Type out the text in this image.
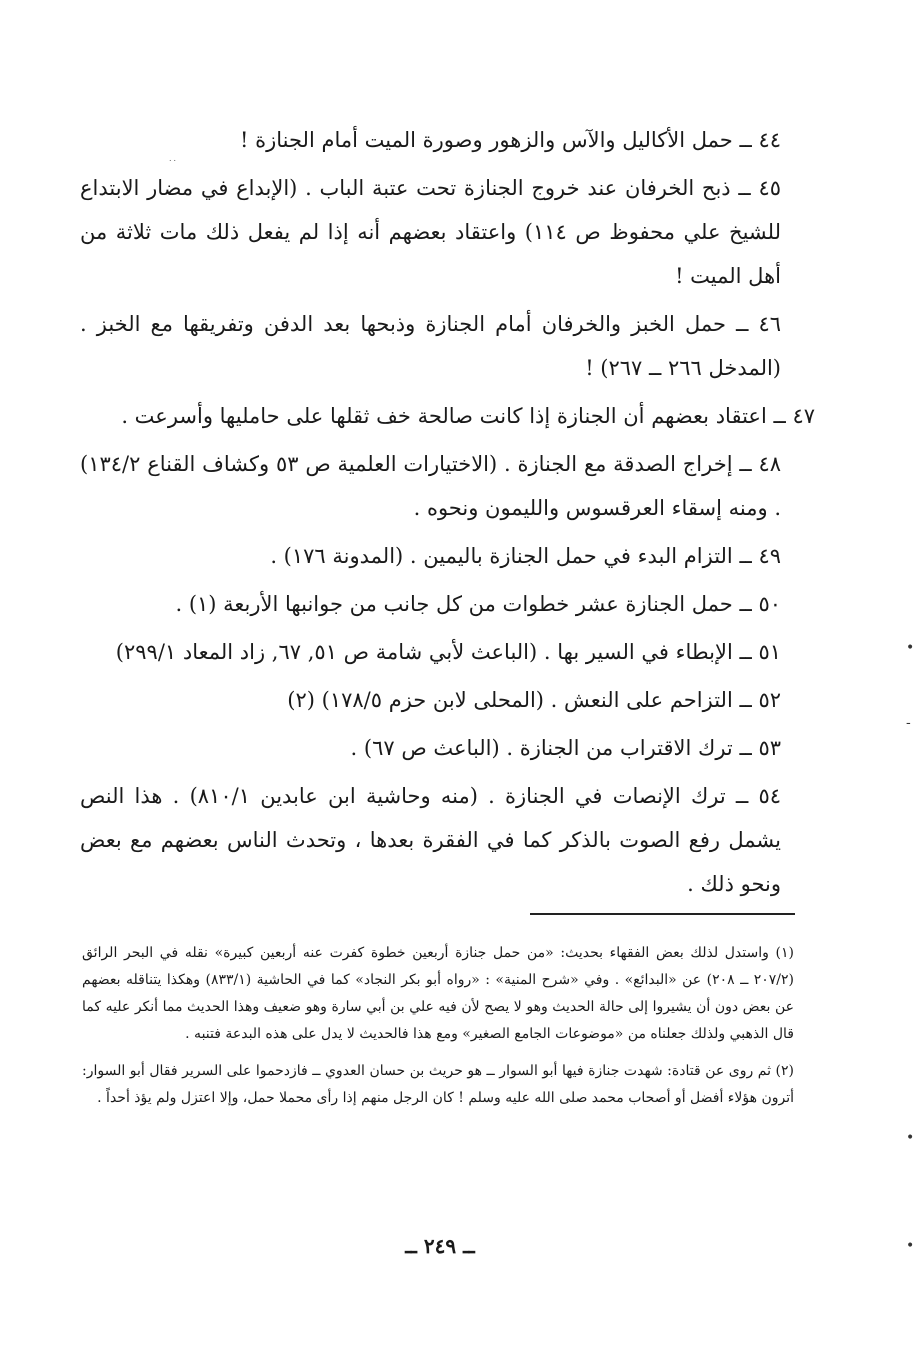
˙˙

٤٤ ــ حمل الأكاليل والآس والزهور وصورة الميت أمام الجنازة !

٤٥ ــ ذبح الخرفان عند خروج الجنازة تحت عتبة الباب . (الإبداع في مضار الابتداع للشيخ علي محفوظ ص ١١٤) واعتقاد بعضهم أنه إذا لم يفعل ذلك مات ثلاثة من أهل الميت !

٤٦ ــ حمل الخبز والخرفان أمام الجنازة وذبحها بعد الدفن وتفريقها مع الخبز . (المدخل ٢٦٦ ــ ٢٦٧) !

٤٧ ــ اعتقاد بعضهم أن الجنازة إذا كانت صالحة خف ثقلها على حامليها وأسرعت .

٤٨ ــ إخراج الصدقة مع الجنازة . (الاختيارات العلمية ص ٥٣ وكشاف القناع ١٣٤/٢) . ومنه إسقاء العرقسوس والليمون ونحوه .

٤٩ ــ التزام البدء في حمل الجنازة باليمين . (المدونة ١٧٦) .

٥٠ ــ حمل الجنازة عشر خطوات من كل جانب من جوانبها الأربعة (١) .

٥١ ــ الإبطاء في السير بها . (الباعث لأبي شامة ص ٥١, ٦٧, زاد المعاد ٢٩٩/١)

٥٢ ــ التزاحم على النعش . (المحلى لابن حزم ١٧٨/٥) (٢)

٥٣ ــ ترك الاقتراب من الجنازة . (الباعث ص ٦٧) .

٥٤ ــ ترك الإنصات في الجنازة . (منه وحاشية ابن عابدين ٨١٠/١) . هذا النص يشمل رفع الصوت بالذكر كما في الفقرة بعدها ، وتحدث الناس بعضهم مع بعض ونحو ذلك .

(١) واستدل لذلك بعض الفقهاء بحديث: «من حمل جنازة أربعين خطوة كفرت عنه أربعين كبيرة» نقله في البحر الرائق (٢٠٧/٢ ــ ٢٠٨) عن «البدائع» . وفي «شرح المنية» : «رواه أبو بكر النجاد» كما في الحاشية (٨٣٣/١) وهكذا يتناقله بعضهم عن بعض دون أن يشيروا إلى حالة الحديث وهو لا يصح لأن فيه علي بن أبي سارة وهو ضعيف وهذا الحديث مما أنكر عليه كما قال الذهبي ولذلك جعلناه من «موضوعات الجامع الصغير» ومع هذا فالحديث لا يدل على هذه البدعة فتنبه .

(٢) ثم روى عن قتادة: شهدت جنازة فيها أبو السوار ــ هو حريث بن حسان العدوي ــ فازدحموا على السرير فقال أبو السوار: أترون هؤلاء أفضل أو أصحاب محمد صلى الله عليه وسلم ! كان الرجل منهم إذا رأى محملا حمل، وإلا اعتزل ولم يؤذ أحداً .

ــ ٢٤٩ ــ
•
-
•
•
